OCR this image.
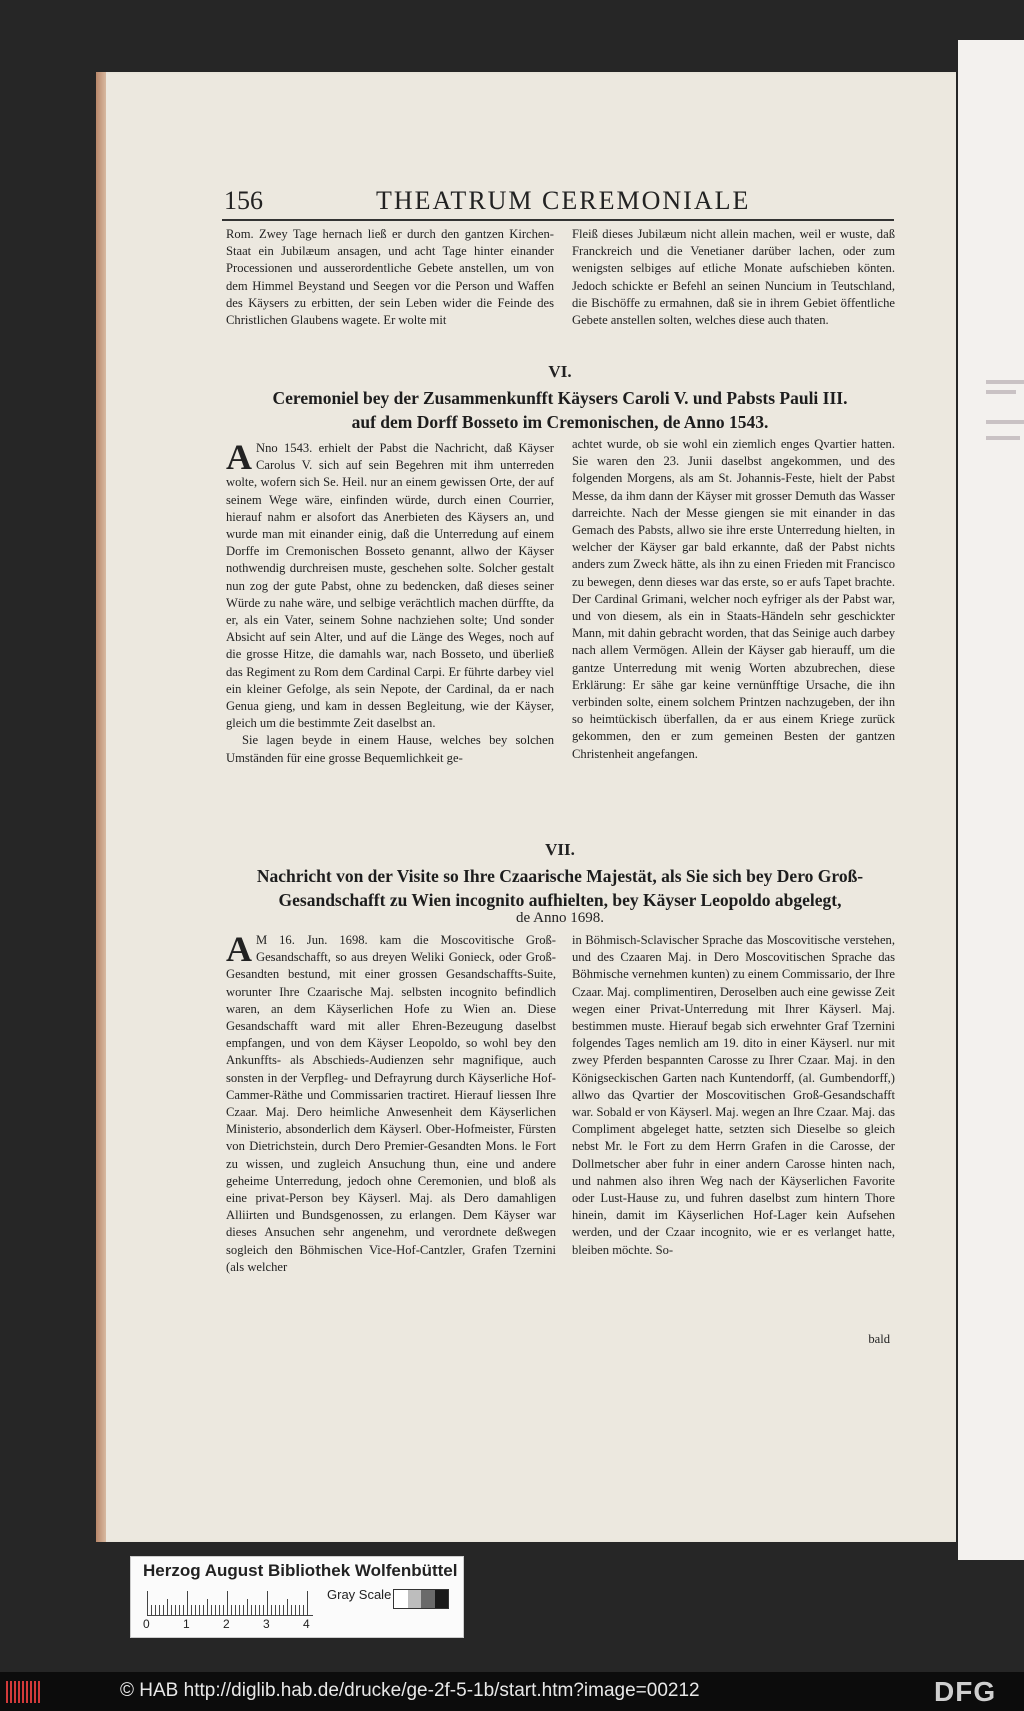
156	THEATRUM CEREMONIALE

Rom. Zwey Tage hernach ließ er durch den gantzen Kirchen-Staat ein Jubilæum ansagen, und acht Tage hinter einander Processionen und ausserordentliche Gebete anstellen, um von dem Himmel Beystand und Seegen vor die Person und Waffen des Käysers zu erbitten, der sein Leben wider die Feinde des Christlichen Glaubens wagete. Er wolte mit

Fleiß dieses Jubilæum nicht allein machen, weil er wuste, daß Franckreich und die Venetianer darüber lachen, oder zum wenigsten selbiges auf etliche Monate aufschieben könten. Jedoch schickte er Befehl an seinen Nuncium in Teutschland, die Bischöffe zu ermahnen, daß sie in ihrem Gebiet öffentliche Gebete anstellen solten, welches diese auch thaten.

VI.
Ceremoniel bey der Zusammenkunfft Käysers Caroli V. und Pabsts Pauli III.
auf dem Dorff Bosseto im Cremonischen, de Anno 1543.

A Nno 1543. erhielt der Pabst die Nachricht, daß Käyser Carolus V. sich auf sein Begehren mit ihm unterreden wolte, wofern sich Se. Heil. nur an einem gewissen Orte, der auf seinem Wege wäre, einfinden würde, durch einen Courrier, hierauf nahm er alsofort das Anerbieten des Käysers an, und wurde man mit einander einig, daß die Unterredung auf einem Dorffe im Cremonischen Bosseto genannt, allwo der Käyser nothwendig durchreisen muste, geschehen solte. Solcher gestalt nun zog der gute Pabst, ohne zu bedencken, daß dieses seiner Würde zu nahe wäre, und selbige verächtlich machen dürffte, da er, als ein Vater, seinem Sohne nachziehen solte; Und sonder Absicht auf sein Alter, und auf die Länge des Weges, noch auf die grosse Hitze, die damahls war, nach Bosseto, und überließ das Regiment zu Rom dem Cardinal Carpi. Er führte darbey viel ein kleiner Gefolge, als sein Nepote, der Cardinal, da er nach Genua gieng, und kam in dessen Begleitung, wie der Käyser, gleich um die bestimmte Zeit daselbst an.

Sie lagen beyde in einem Hause, welches bey solchen Umständen für eine grosse Bequemlichkeit ge-

achtet wurde, ob sie wohl ein ziemlich enges Qvartier hatten. Sie waren den 23. Junii daselbst angekommen, und des folgenden Morgens, als am St. Johannis-Feste, hielt der Pabst Messe, da ihm dann der Käyser mit grosser Demuth das Wasser darreichte. Nach der Messe giengen sie mit einander in das Gemach des Pabsts, allwo sie ihre erste Unterredung hielten, in welcher der Käyser gar bald erkannte, daß der Pabst nichts anders zum Zweck hätte, als ihn zu einen Frieden mit Francisco zu bewegen, denn dieses war das erste, so er aufs Tapet brachte. Der Cardinal Grimani, welcher noch eyfriger als der Pabst war, und von diesem, als ein in Staats-Händeln sehr geschickter Mann, mit dahin gebracht worden, that das Seinige auch darbey nach allem Vermögen. Allein der Käyser gab hierauff, um die gantze Unterredung mit wenig Worten abzubrechen, diese Erklärung: Er sähe gar keine vernünfftige Ursache, die ihn verbinden solte, einem solchem Printzen nachzugeben, der ihn so heimtückisch überfallen, da er aus einem Kriege zurück gekommen, den er zum gemeinen Besten der gantzen Christenheit angefangen.

VII.
Nachricht von der Visite so Ihre Czaarische Majestät, als Sie sich bey Dero Groß-
Gesandschafft zu Wien incognito aufhielten, bey Käyser Leopoldo abgelegt,
de Anno 1698.

A M 16. Jun. 1698. kam die Moscovitische Groß-Gesandschafft, so aus dreyen Weliki Gonieck, oder Groß-Gesandten bestund, mit einer grossen Gesandschaffts-Suite, worunter Ihre Czaarische Maj. selbsten incognito befindlich waren, an dem Käyserlichen Hofe zu Wien an. Diese Gesandschafft ward mit aller Ehren-Bezeugung daselbst empfangen, und von dem Käyser Leopoldo, so wohl bey den Ankunffts- als Abschieds-Audienzen sehr magnifique, auch sonsten in der Verpfleg- und Defrayrung durch Käyserliche Hof-Cammer-Räthe und Commissarien tractiret. Hierauf liessen Ihre Czaar. Maj. Dero heimliche Anwesenheit dem Käyserlichen Ministerio, absonderlich dem Käyserl. Ober-Hofmeister, Fürsten von Dietrichstein, durch Dero Premier-Gesandten Mons. le Fort zu wissen, und zugleich Ansuchung thun, eine und andere geheime Unterredung, jedoch ohne Ceremonien, und bloß als eine privat-Person bey Käyserl. Maj. als Dero damahligen Alliirten und Bundsgenossen, zu erlangen. Dem Käyser war dieses Ansuchen sehr angenehm, und verordnete deßwegen sogleich den Böhmischen Vice-Hof-Cantzler, Grafen Tzernini (als welcher

in Böhmisch-Sclavischer Sprache das Moscovitische verstehen, und des Czaaren Maj. in Dero Moscovitischen Sprache das Böhmische vernehmen kunten) zu einem Commissario, der Ihre Czaar. Maj. complimentiren, Deroselben auch eine gewisse Zeit wegen einer Privat-Unterredung mit Ihrer Käyserl. Maj. bestimmen muste. Hierauf begab sich erwehnter Graf Tzernini folgendes Tages nemlich am 19. dito in einer Käyserl. nur mit zwey Pferden bespannten Carosse zu Ihrer Czaar. Maj. in den Königseckischen Garten nach Kuntendorff, (al. Gumbendorff,) allwo das Qvartier der Moscovitischen Groß-Gesandschafft war. Sobald er von Käyserl. Maj. wegen an Ihre Czaar. Maj. das Compliment abgeleget hatte, setzten sich Dieselbe so gleich nebst Mr. le Fort zu dem Herrn Grafen in die Carosse, der Dollmetscher aber fuhr in einer andern Carosse hinten nach, und nahmen also ihren Weg nach der Käyserlichen Favorite oder Lust-Hause zu, und fuhren daselbst zum hintern Thore hinein, damit im Käyserlichen Hof-Lager kein Aufsehen werden, und der Czaar incognito, wie er es verlanget hatte, bleiben möchte. So-

bald
Herzog August Bibliothek Wolfenbüttel
0	1	2	3	4
Gray Scale
© HAB http://diglib.hab.de/drucke/ge-2f-5-1b/start.htm?image=00212	DFG
